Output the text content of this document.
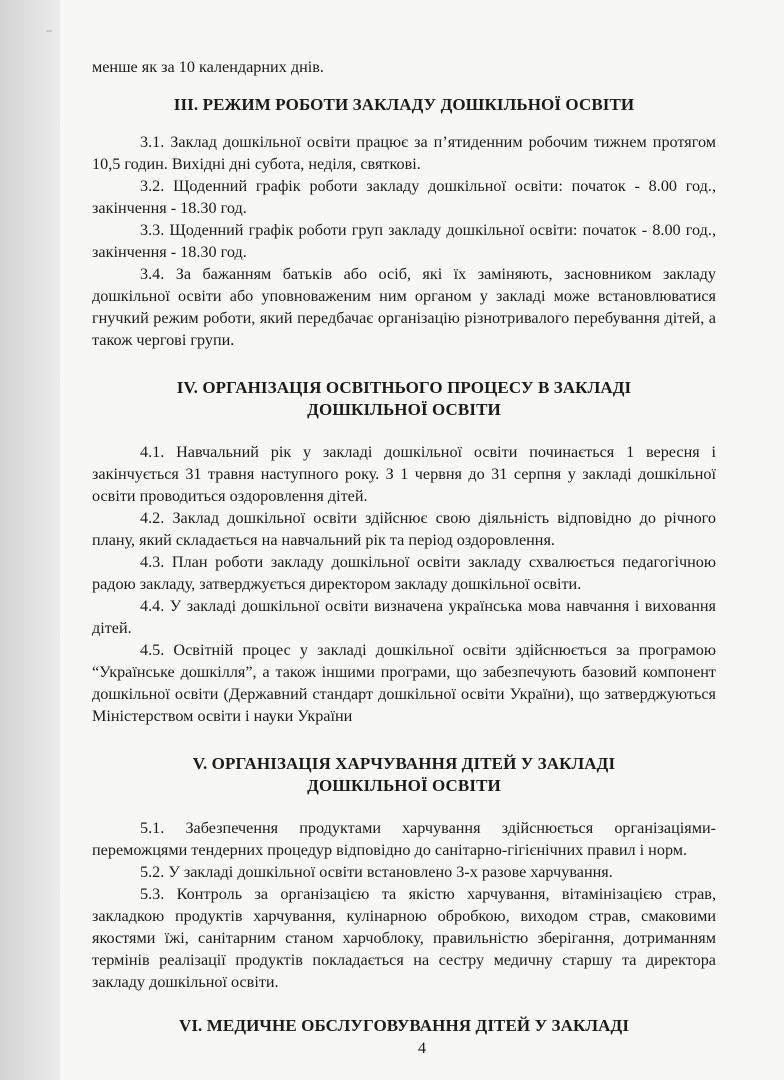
менше як за 10 календарних днів.

ІІІ. РЕЖИМ РОБОТИ ЗАКЛАДУ ДОШКІЛЬНОЇ ОСВІТИ

3.1. Заклад дошкільної освіти працює за п’ятиденним робочим тижнем протягом 10,5 годин. Вихідні дні субота, неділя, святкові.

3.2. Щоденний графік роботи закладу дошкільної освіти: початок - 8.00 год., закінчення - 18.30 год.

3.3. Щоденний графік роботи груп закладу дошкільної освіти: початок - 8.00 год., закінчення - 18.30 год.

3.4. За бажанням батьків або осіб, які їх заміняють, засновником закладу дошкільної освіти або уповноваженим ним органом у закладі може встановлюватися гнучкий режим роботи, який передбачає організацію різнотривалого перебування дітей, а також чергові групи.

IV. ОРГАНІЗАЦІЯ ОСВІТНЬОГО ПРОЦЕСУ В ЗАКЛАДІ
ДОШКІЛЬНОЇ ОСВІТИ

4.1. Навчальний рік у закладі дошкільної освіти починається 1 вересня і закінчується 31 травня наступного року. З 1 червня до 31 серпня у закладі дошкільної освіти проводиться оздоровлення дітей.

4.2. Заклад дошкільної освіти здійснює свою діяльність відповідно до річного плану, який складається на навчальний рік та період оздоровлення.

4.3. План роботи закладу дошкільної освіти закладу схвалюється педагогічною радою закладу, затверджується директором закладу дошкільної освіти.

4.4. У закладі дошкільної освіти визначена українська мова навчання і виховання дітей.

4.5. Освітній процес у закладі дошкільної освіти здійснюється за програмою “Українське дошкілля”, а також іншими програми, що забезпечують базовий компонент дошкільної освіти (Державний стандарт дошкільної освіти України), що затверджуються Міністерством освіти і науки України

V. ОРГАНІЗАЦІЯ ХАРЧУВАННЯ ДІТЕЙ У ЗАКЛАДІ
ДОШКІЛЬНОЇ ОСВІТИ

5.1. Забезпечення продуктами харчування здійснюється організаціями-переможцями тендерних процедур відповідно до санітарно-гігієнічних правил і норм.

5.2. У закладі дошкільної освіти встановлено 3-х разове харчування.

5.3. Контроль за організацією та якістю харчування, вітамінізацією страв, закладкою продуктів харчування, кулінарною обробкою, виходом страв, смаковими якостями їжі, санітарним станом харчоблоку, правильністю зберігання, дотриманням термінів реалізації продуктів покладається на сестру медичну старшу та директора закладу дошкільної освіти.

VI. МЕДИЧНЕ ОБСЛУГОВУВАННЯ ДІТЕЙ У ЗАКЛАДІ
4
